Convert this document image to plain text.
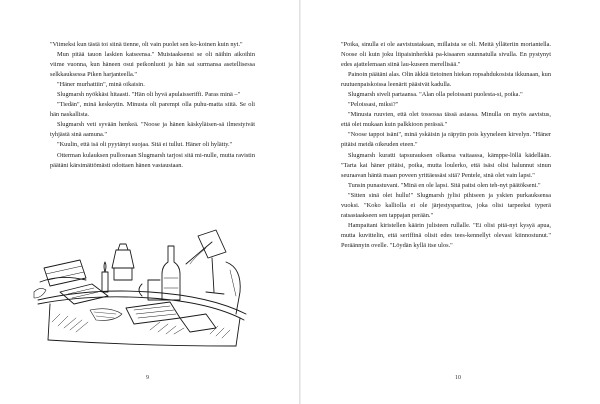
"Viimeksi kun tästä toi siinä tienne, oli vain puolet sen ko-koinen kuin nyt."

Mun pitää tauon laskien katseensa." Muistaaksensi se oli näihin aikoihin viime vuonna, kun häneen osui peikonluoti ja hän sai surmansa asetellisessa selkkauksessa Piken harjanteella."

"Häner murhattiin", minä oikaisin.

Slugmarsh nyökkäsi hitaasti. "Hän oli hyvä apulaisseriffi. Paras minä –"

"Tiedän", minä keskeytin. Minusta oli parempi olla puhu-matta siitä. Se oli hän naskallista.

Slugmarsh veti syvään henkeä. "Noose ja hänen käskyläisen-sä ilmestyivät tyhjästä sinä aamuna."

"Kuulin, että isä oli pyytänyt suojaa. Sitä ei tullut. Häner oli hylätty."

Otterman kulauksen pullosraan Slugmarsh tarjosi sitä mi-nulle, mutta ravistin päätäni kärsimättömästi odottaen hänen vastaustaan.

9

"Poika, sinulla ei ole aavistustakaan, millaista se oli. Meitä ylläteriin moriantella. Noose oli kuin joku liipaisinherkkä pa-kisaaren suunnatulla sivulla. En pystynyt edes ajattelemaan siinä lau-kuseen merellisää."

Painoin päätäni alas. Olin äkkiä tietoinen hiekan ropsahdukosista ikkunaan, kun ruutuenpaiskoissa leenärit pääsivät kadulla.

Slugmarsh siveli partaansa. "Alan olla peloissani puolesta-si, poika."

"Peloissasi, miksi?"

"Minusta ruuvien, että olet tossossa tässä asiassa. Minulla on myös aavistus, että olet mukaan kuin palkkioon perässä."

"Noose tappoi isäni", minä yskäisin ja räpytin pois kyyneleen kirvelyn. "Häner pitäisi meidä oikeuden eteen."

Slugmarsh kuratti tapsurauksen olkansa vaitaassa, kämppe-löllä kädellään. "Tarta kai häner pitäisi, poika, mutta loulerko, että isäsi olisi halunnut sinun seuraavan häntä maan poveen yrittäessäsi sitä? Pentele, sinä olet vain lapsi."

Tunsin punastuvani. "Minä en ole lapsi. Sitä paitsi olen teh-nyt päätökseni."

"Sitten sinä olet hullu!" Slugmarsh jylisi pihiseen ja yskien purkauksensa vuoksi. "Koko kalliolla ei ole järjestysparitoa, joka olisi tarpeeksi typerä ratsastaakseen sen tappajan perään."

Hampaitani kiristellen käärin julisteen rullalle. "Ei olisi pitä-nyt kysyä apua, mutta kuvittelin, että seriffinä olisit edes tees-kennellyt olevasi kiinnostunut." Peräännyin ovelle. "Löydän kyllä itse ulos."

10
